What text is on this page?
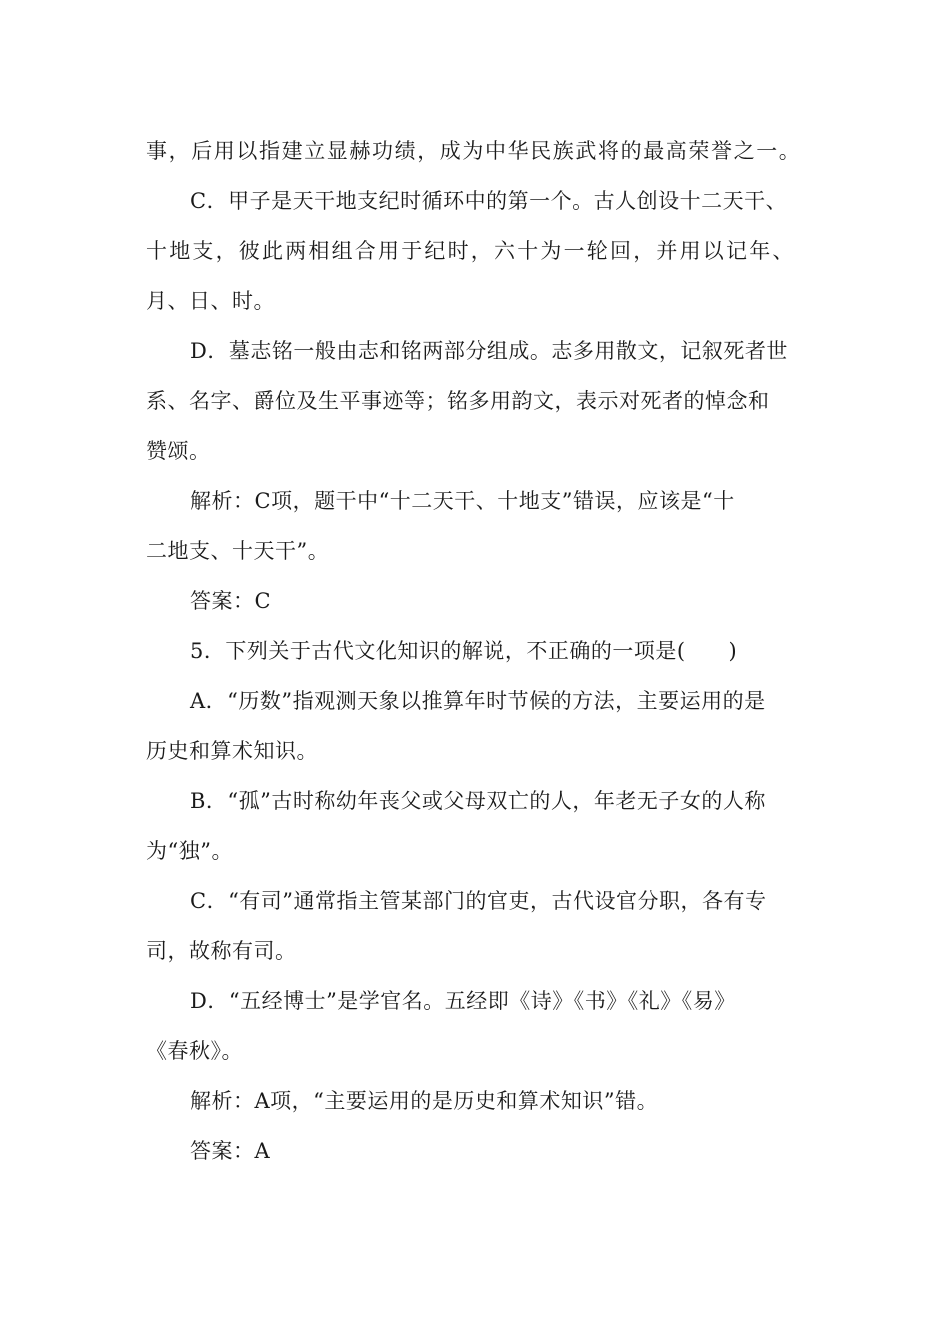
事，后用以指建立显赫功绩，成为中华民族武将的最高荣誉之一。
C．甲子是天干地支纪时循环中的第一个。古人创设十二天干、
十地支，彼此两相组合用于纪时，六十为一轮回，并用以记年、
月、日、时。
D．墓志铭一般由志和铭两部分组成。志多用散文，记叙死者世
系、名字、爵位及生平事迹等；铭多用韵文，表示对死者的悼念和
赞颂。
解析：C项，题干中“十二天干、十地支”错误，应该是“十
二地支、十天干”。
答案：C
5．下列关于古代文化知识的解说，不正确的一项是(　　)
A．“历数”指观测天象以推算年时节候的方法，主要运用的是
历史和算术知识。
B．“孤”古时称幼年丧父或父母双亡的人，年老无子女的人称
为“独”。
C．“有司”通常指主管某部门的官吏，古代设官分职，各有专
司，故称有司。
D．“五经博士”是学官名。五经即《诗》《书》《礼》《易》
《春秋》。
解析：A项，“主要运用的是历史和算术知识”错。
答案：A
